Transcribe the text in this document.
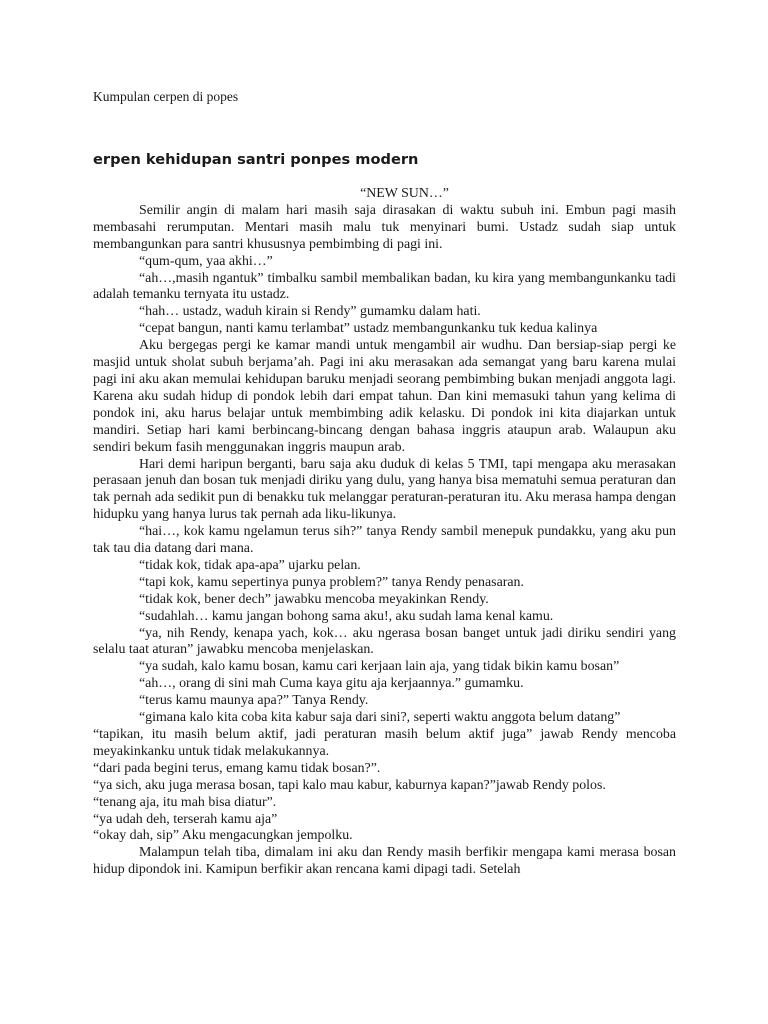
Kumpulan cerpen di popes
erpen kehidupan santri ponpes modern

“NEW SUN…”

Semilir angin di malam hari masih saja dirasakan di waktu subuh ini. Embun pagi masih membasahi rerumputan. Mentari masih malu tuk menyinari bumi. Ustadz sudah siap untuk membangunkan para santri khususnya pembimbing di pagi ini.

“qum-qum, yaa akhi…”

“ah…,masih ngantuk” timbalku sambil membalikan badan, ku kira yang membangunkanku tadi adalah temanku ternyata itu ustadz.

“hah… ustadz, waduh kirain si Rendy” gumamku dalam hati.

“cepat bangun, nanti kamu terlambat” ustadz membangunkanku tuk kedua kalinya

Aku bergegas pergi ke kamar mandi untuk mengambil air wudhu. Dan bersiap-siap pergi ke masjid untuk sholat subuh berjama’ah. Pagi ini aku merasakan ada semangat yang baru karena mulai pagi ini aku akan memulai kehidupan baruku menjadi seorang pembimbing bukan menjadi anggota lagi. Karena aku sudah hidup di pondok lebih dari empat tahun. Dan kini memasuki tahun yang kelima di pondok ini, aku harus belajar untuk membimbing adik kelasku. Di pondok ini kita diajarkan untuk mandiri. Setiap hari kami berbincang-bincang dengan bahasa inggris ataupun arab. Walaupun aku sendiri bekum fasih menggunakan inggris maupun arab.

Hari demi haripun berganti, baru saja aku duduk di kelas 5 TMI, tapi mengapa aku merasakan perasaan jenuh dan bosan tuk menjadi diriku yang dulu, yang hanya bisa mematuhi semua peraturan dan tak pernah ada sedikit pun di benakku tuk melanggar peraturan-peraturan itu. Aku merasa hampa dengan hidupku yang hanya lurus tak pernah ada liku-likunya.

“hai…, kok kamu ngelamun terus sih?” tanya Rendy sambil menepuk pundakku, yang aku pun tak tau dia datang dari mana.

“tidak kok, tidak apa-apa” ujarku pelan.

“tapi kok, kamu sepertinya punya problem?” tanya Rendy penasaran.

“tidak kok, bener dech” jawabku mencoba meyakinkan Rendy.

“sudahlah… kamu jangan bohong sama aku!, aku sudah lama kenal kamu.

“ya, nih Rendy, kenapa yach, kok… aku ngerasa bosan banget untuk jadi diriku sendiri yang selalu taat aturan” jawabku mencoba menjelaskan.

“ya sudah, kalo kamu bosan, kamu cari kerjaan lain aja, yang tidak bikin kamu bosan”

“ah…, orang di sini mah Cuma kaya gitu aja kerjaannya.” gumamku.

“terus kamu maunya apa?” Tanya Rendy.

“gimana kalo kita coba kita kabur saja dari sini?, seperti waktu anggota belum datang”

“tapikan, itu masih belum aktif, jadi peraturan masih belum aktif juga” jawab Rendy mencoba meyakinkanku untuk tidak melakukannya.

“dari pada begini terus, emang kamu tidak bosan?”.

“ya sich, aku juga merasa bosan, tapi kalo mau kabur, kaburnya kapan?”jawab Rendy polos.

“tenang aja, itu mah bisa diatur”.

“ya udah deh, terserah kamu aja”

“okay dah, sip” Aku mengacungkan jempolku.

Malampun telah tiba, dimalam ini aku dan Rendy masih berfikir mengapa kami merasa bosan hidup dipondok ini. Kamipun berfikir akan rencana kami dipagi tadi. Setelah
